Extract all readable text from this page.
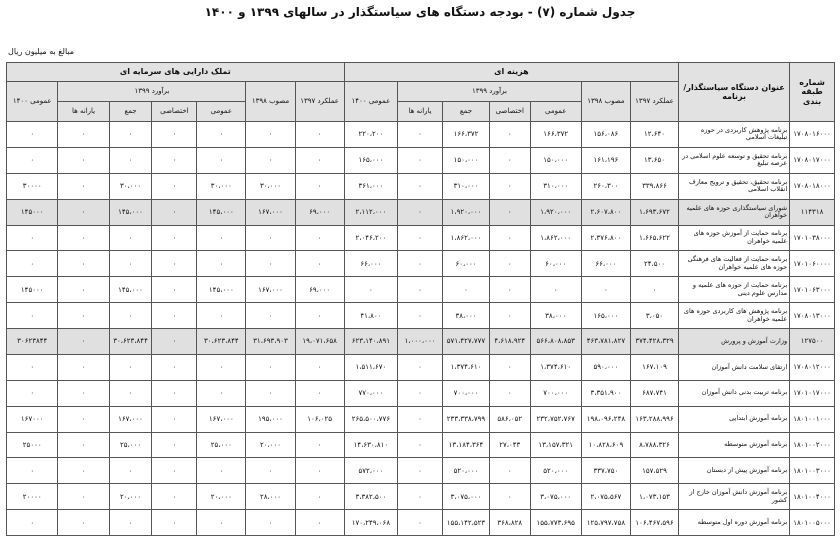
جدول شماره (۷) - بودجه دستگاه های سیاستگذار در سالهای ۱۳۹۹ و ۱۴۰۰
مبالغ به میلیون ریال
شماره طبقه بندی	عنوان دستگاه سیاستگذار/برنامه	هزینه ای							تملک دارایی های سرمایه ای						
		عملکرد ۱۳۹۷	مصوب ۱۳۹۸	برآورد ۱۳۹۹				عمومی ۱۴۰۰	عملکرد ۱۳۹۷	مصوب ۱۳۹۸	برآورد ۱۳۹۹				عمومی ۱۴۰۰
				عمومی	اختصاصی	جمع	یارانه ها				عمومی	اختصاصی	جمع	یارانه ها	
۱۷۰۸۰۱۶۰۰۰	برنامه پژوهش کاربردی در حوزه تبلیغات اسلامی	۱۲،۶۴۰	۱۵۶،۰۸۶	۱۶۶،۳۷۲	۰	۱۶۶،۳۷۲	۰	۲۲۰،۲۰۰	۰	۰	۰	۰	۰	۰	۰
۱۷۰۸۰۱۷۰۰۰	برنامه تحقیق و توسعه علوم اسلامی در عرصه تبلیغ	۱۳،۶۵۰	۱۶۱،۱۹۶	۱۵۰،۰۰۰	۰	۱۵۰،۰۰۰	۰	۱۶۵،۰۰۰	۰	۰	۰	۰	۰	۰	۰
۱۷۰۸۰۱۸۰۰۰	برنامه تحقیق، تحقیق و ترویج معارف انقلاب اسلامی	۳۳۹،۸۶۶	۲۶۰،۳۰۰	۳۱۰،۰۰۰	۰	۳۱۰،۰۰۰	۰	۳۶۱،۰۰۰	۰	۳۰،۰۰۰	۳۰،۰۰۰	۰	۳۰،۰۰۰	۰	۳۰۰۰۰
۱۱۴۳۱۸	شورای سیاستگذاری حوزه های علمیه خواهران	۱،۶۹۳،۶۷۲	۲،۶۰۷،۸۰۰	۱،۹۲۰،۰۰۰	۰	۱،۹۲۰،۰۰۰	۰	۲،۱۱۲،۰۰۰	۶۹،۰۰۰	۱۶۷،۰۰۰	۱۴۵،۰۰۰	۰	۱۴۵،۰۰۰	۰	۱۴۵۰۰۰
۱۷۰۱۰۳۸۰۰۰	برنامه حمایت از آموزش حوزه های علمیه خواهران	۱،۶۶۵،۶۲۲	۲،۳۷۶،۸۰۰	۱،۸۶۲،۰۰۰	۰	۱،۸۶۲،۰۰۰	۰	۲،۰۴۶،۲۰۰	۰	۰	۰	۰	۰	۰	۰
۱۷۰۱۰۶۰۰۰۰	برنامه حمایت از فعالیت های فرهنگی حوزه های علمیه خواهران	۲۴،۵۰۰	۶۶،۰۰۰	۶۰،۰۰۰	۰	۶۰،۰۰۰	۰	۶۶،۰۰۰	۰	۰	۰	۰	۰	۰	۰
۱۷۰۱۰۶۳۰۰۰	برنامه حمایت از حوزه های علمیه و مدارس علوم دینی	۰	۰	۰	۰	۰	۰	۰	۶۹،۰۰۰	۱۶۷،۰۰۰	۱۴۵،۰۰۰	۰	۱۴۵،۰۰۰	۰	۱۴۵۰۰۰
۱۷۰۸۰۱۳۰۰۰	برنامه پژوهش های کاربردی حوزه های علمیه خواهران	۳،۰۵۰	۱۶۵،۰۰۰	۳۸،۰۰۰	۰	۳۸،۰۰۰	۰	۴۱،۸۰۰	۰	۰	۰	۰	۰	۰	۰
۱۲۷۵۰۰	وزارت آموزش و پرورش	۳۷۴،۴۲۸،۳۲۹	۴۶۳،۷۸۱،۸۲۷	۵۶۶،۸۰۸،۸۵۳	۴،۶۱۸،۹۲۴	۵۷۱،۴۲۷،۷۷۷	۱،۰۰۰،۰۰۰	۶۲۳،۱۴۰،۸۹۱	۱۹،۰۷۱،۶۵۸	۳۱،۶۹۳،۹۰۳	۳۰،۶۲۳،۸۴۴	۰	۳۰،۶۲۳،۸۴۴	۰	۳۰۶۲۳۸۴۴
۱۷۰۸۰۱۲۰۰۰	ارتقای سلامت دانش آموزان	۱۶۷،۱۰۹	۵۹۰،۰۰۰	۱،۳۷۴،۶۱۰	۰	۱،۳۷۴،۶۱۰	۰	۱،۵۱۱،۶۷۰	۰	۰	۰	۰	۰	۰	۰
۱۷۰۱۰۱۷۰۰۰	برنامه تربیت بدنی دانش آموزان	۶۸۷،۷۴۱	۳،۳۵۱،۹۰۰	۷۰۰،۰۰۰	۰	۷۰۰،۰۰۰	۰	۷۷۰،۰۰۰	۰	۰	۰	۰	۰	۰	۰
۱۸۰۱۰۰۱۰۰۰	برنامه آموزش ابتدایی	۱۶۳،۲۸۸،۹۹۶	۱۹۸،۰۹۶،۲۴۸	۲۳۲،۷۵۲،۷۶۷	۵۸۶،۰۵۲	۲۳۳،۳۳۸،۷۹۹	۰	۲۶۵،۵۰۰،۷۷۶	۱۰۶،۰۲۵	۱۹۵،۰۰۰	۱۶۷،۰۰۰	۰	۱۶۷،۰۰۰	۰	۱۶۷۰۰۰
۱۸۰۱۰۰۲۰۰۰	برنامه آموزش متوسطه	۸،۷۸۸،۳۲۶	۱۰،۸۲۸،۶۰۹	۱۳،۱۵۷،۳۲۱	۲۷،۰۴۳	۱۳،۱۸۴،۳۶۴	۰	۱۴،۶۳۰،۸۱۰	۰	۲۰،۰۰۰	۲۵،۰۰۰	۰	۲۵،۰۰۰	۰	۲۵۰۰۰
۱۸۰۱۰۰۳۰۰۰	برنامه آموزش پیش از دبستان	۱۵۷،۵۲۹	۳۳۷،۷۵۰	۵۲۰،۰۰۰	۰	۵۲۰،۰۰۰	۰	۵۷۲،۰۰۰	۰	۰	۰	۰	۰	۰	۰
۱۸۰۱۰۰۴۰۰۰	برنامه آموزش دانش آموزان خارج از کشور	۱،۰۷۳،۱۵۳	۲،۰۷۵،۵۶۷	۳،۰۷۵،۰۰۰	۰	۳،۰۷۵،۰۰۰	۰	۳،۳۸۲،۵۰۰	۰	۲۸،۰۰۰	۲۰،۰۰۰	۰	۲۰،۰۰۰	۰	۲۰۰۰۰
۱۸۰۱۰۰۵۰۰۰	برنامه آموزش دوره اول متوسطه	۱۰۶،۴۶۷،۵۹۶	۱۲۵،۷۹۷،۷۵۸	۱۵۵،۷۷۳،۶۹۵	۳۶۸،۸۲۸	۱۵۵،۱۴۲،۵۲۳	۰	۱۷۰،۲۴۹،۰۶۸	۰	۰	۰	۰	۰	۰	۰
